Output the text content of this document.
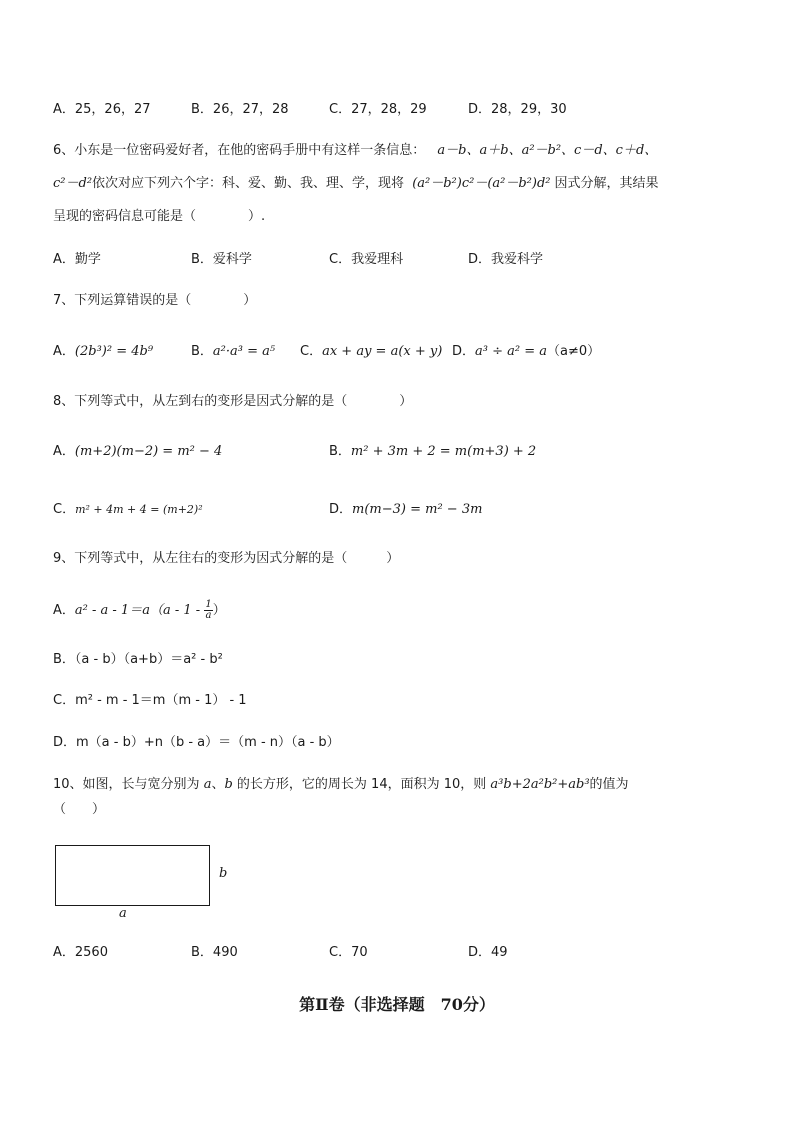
A．25，26，27	B．26，27，28	C．27，28，29	D．28，29，30
6、小东是一位密码爱好者，在他的密码手册中有这样一条信息： a－b、a＋b、a²－b²、c－d、c＋d、
c²－d²依次对应下列六个字：科、爱、勤、我、理、学，现将 (a²－b²)c²－(a²－b²)d² 因式分解，其结果
呈现的密码信息可能是（　　　　）.
A．勤学	B．爱科学	C．我爱理科	D．我爱科学
7、下列运算错误的是（　　　　）
A．(2b³)² = 4b⁹	B．a²·a³ = a⁵ C．ax + ay = a(x + y) D．a³ ÷ a² = a（a≠0）
8、下列等式中，从左到右的变形是因式分解的是（　　　　）
A．(m+2)(m−2) = m² − 4	B．m² + 3m + 2 = m(m+3) + 2
C．m² + 4m + 4 = (m+2)²	D．m(m−3) = m² − 3m
9、下列等式中，从左往右的变形为因式分解的是（　　　）
A．$a^2 - a - 1=a(a - 1 - \frac{1}{a}$ ）
B．（a - b）（a+b）＝a² - b²
C．m² - m - 1＝m（m - 1） - 1
D．m（a - b）+n（b - a）＝（m - n）（a - b）
10、如图，长与宽分别为 a、b 的长方形，它的周长为 14，面积为 10，则 a³b+2a²b²+ab³的值为
（　　）
b
a
A．2560	B．490	C．70	D．49
第Ⅱ卷（非选择题　70分）
